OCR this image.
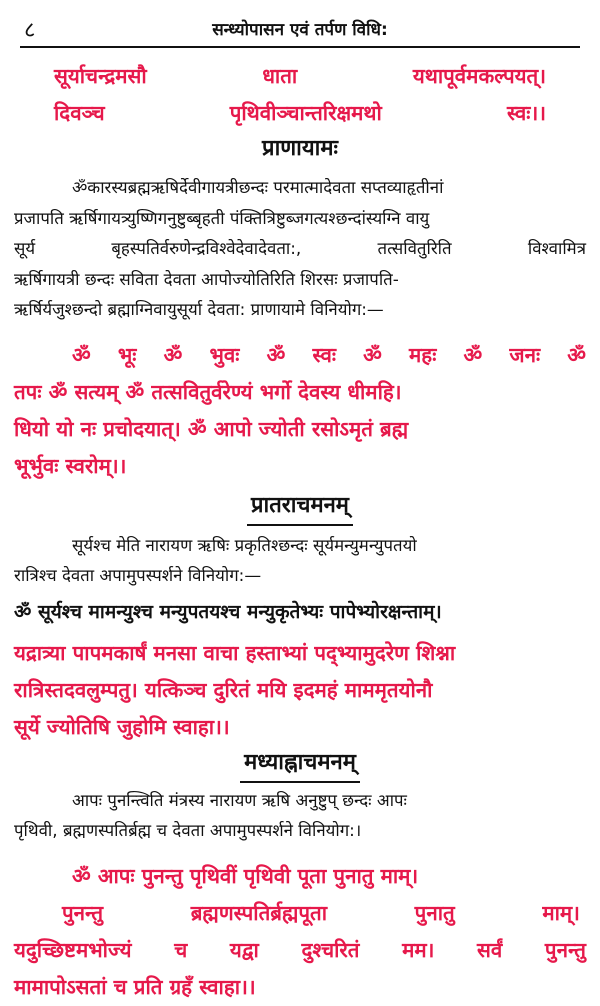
८	सन्ध्योपासन एवं तर्पण विधि:
सूर्याचन्द्रमसौ	धाता	यथापूर्वमकल्पयत्।
दिवञ्च	पृथिवीञ्चान्तरिक्षमथो	स्वः।।
प्राणायामः
ॐकारस्यब्रह्मऋषिर्देवीगायत्रीछन्दः परमात्मादेवता सप्तव्याहृतीनां
प्रजापति ऋर्षिगायत्र्युष्णिगनुष्टुब्बृहती पंक्तित्रिष्टुब्जगत्यश्छन्दांस्यग्नि वायु
सूर्य	बृहस्पतिर्वरुणेन्द्रविश्वेदेवादेवता:,	तत्सवितुरिति	विश्वामित्र
ऋर्षिगायत्री छन्दः सविता देवता आपोज्योतिरिति शिरसः प्रजापति-
ऋर्षिर्यजुश्छन्दो ब्रह्माग्निवायुसूर्या देवता: प्राणायामे विनियोग:—
ॐ भूः ॐ भुवः ॐ स्वः ॐ महः ॐ जनः ॐ
तपः ॐ सत्यम् ॐ तत्सवितुर्वरेण्यं भर्गो देवस्य धीमहि।
धियो यो नः प्रचोदयात्। ॐ आपो ज्योती रसोऽमृतं ब्रह्म
भूर्भुवः स्वरोम्।।
प्रातराचमनम्
सूर्यश्च मेति नारायण ऋषिः प्रकृतिश्छन्दः सूर्यमन्युमन्युपतयो
रात्रिश्च देवता अपामुपस्पर्शने विनियोग:—
ॐ सूर्यश्च मामन्युश्च मन्युपतयश्च मन्युकृतेभ्यः पापेभ्योरक्षन्ताम्।
यद्रात्र्या पापमकार्षं मनसा वाचा हस्ताभ्यां पद्भ्यामुदरेण शिश्ना
रात्रिस्तदवलुम्पतु। यत्किञ्च दुरितं मयि इदमहं माममृतयोनौ
सूर्ये ज्योतिषि जुहोमि स्वाहा।।
मध्याह्नाचमनम्
आपः पुनन्त्विति मंत्रस्य नारायण ऋषि अनुष्टुप् छन्दः आपः
पृथिवी, ब्रह्मणस्पतिर्ब्रह्म च देवता अपामुपस्पर्शने विनियोग:।
ॐ आपः पुनन्तु पृथिवीं पृथिवी पूता पुनातु माम्।
पुनन्तु	ब्रह्मणस्पतिर्ब्रह्मपूता	पुनातु	माम्।
यदुच्छिष्टमभोज्यं च यद्वा दुश्चरितं मम। सर्वं पुनन्तु
मामापोऽसतां च प्रति ग्रहँ स्वाहा।।
